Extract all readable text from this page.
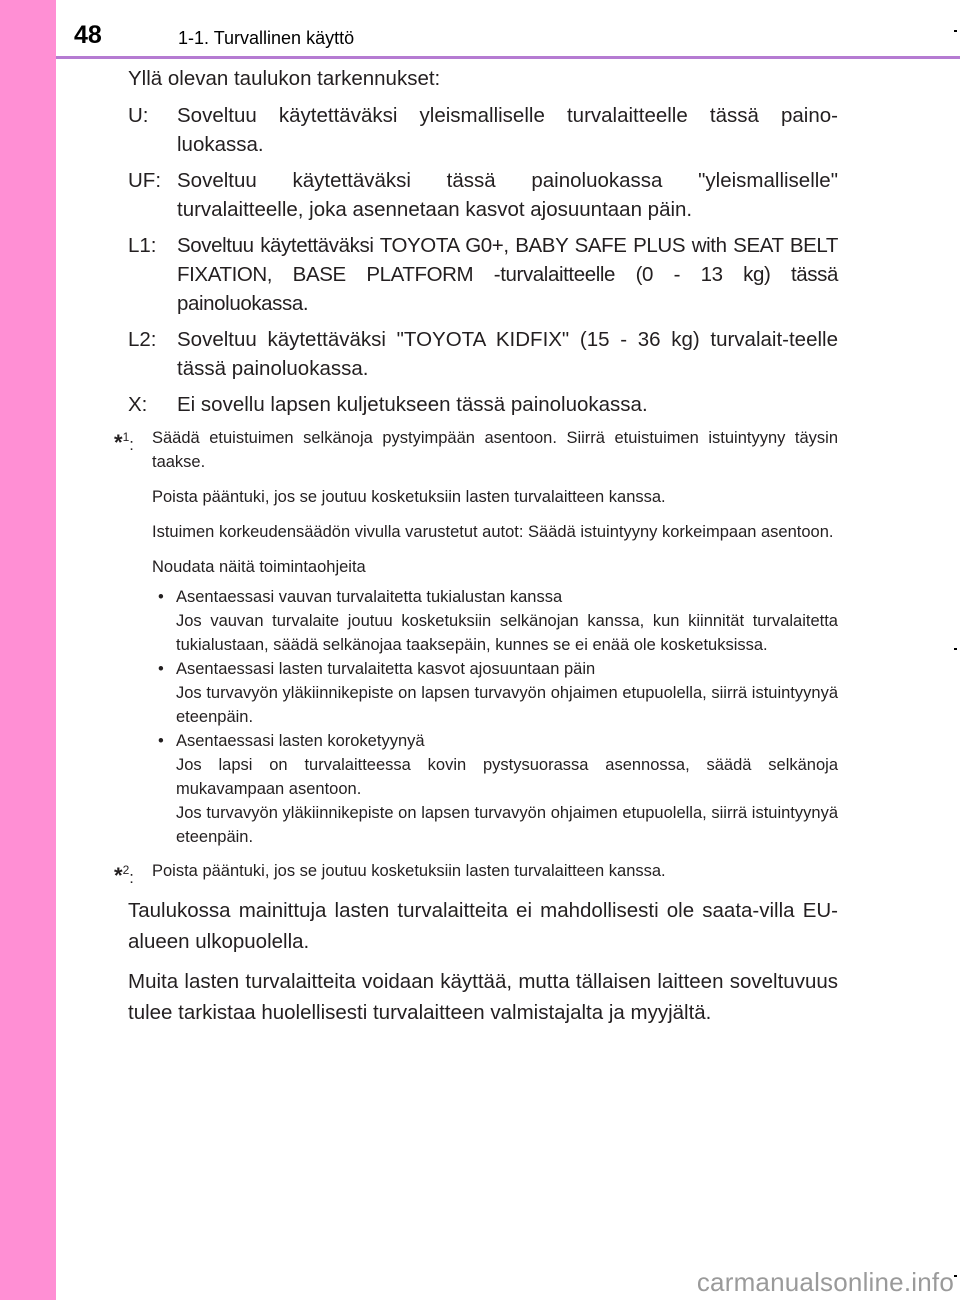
48	1-1. Turvallinen käyttö

Yllä olevan taulukon tarkennukset:

U:	Soveltuu käytettäväksi yleismalliselle turvalaitteelle tässä paino-luokassa.
UF: Soveltuu käytettäväksi tässä painoluokassa "yleismalliselle" turvalaitteelle, joka asennetaan kasvot ajosuuntaan päin.
L1:	Soveltuu käytettäväksi TOYOTA G0+, BABY SAFE PLUS with SEAT BELT FIXATION, BASE PLATFORM -turvalaitteelle (0 - 13 kg) tässä painoluokassa.
L2:	Soveltuu käytettäväksi "TOYOTA KIDFIX" (15 - 36 kg) turvalait-teelle tässä painoluokassa.
X:	Ei sovellu lapsen kuljetukseen tässä painoluokassa.
*$^1$: Säädä etuistuimen selkänoja pystyimpään asentoon. Siirrä etuistuimen istuintyyny täysin taakse.

Poista pääntuki, jos se joutuu kosketuksiin lasten turvalaitteen kanssa.

Istuimen korkeudensäädön vivulla varustetut autot: Säädä istuintyyny korkeimpaan asentoon.

Noudata näitä toimintaohjeita

• Asentaessasi vauvan turvalaitetta tukialustan kanssa
Jos vauvan turvalaite joutuu kosketuksiin selkänojan kanssa, kun kiinnität turvalaitetta tukialustaan, säädä selkänojaa taaksepäin, kunnes se ei enää ole kosketuksissa.
• Asentaessasi lasten turvalaitetta kasvot ajosuuntaan päin
Jos turvavyön yläkiinnikepiste on lapsen turvavyön ohjaimen etupuolella, siirrä istuintyynyä eteenpäin.
• Asentaessasi lasten koroketyynyä
Jos lapsi on turvalaitteessa kovin pystysuorassa asennossa, säädä selkänoja mukavampaan asentoon.
Jos turvavyön yläkiinnikepiste on lapsen turvavyön ohjaimen etupuolella, siirrä istuintyynyä eteenpäin.
*$^2$: Poista pääntuki, jos se joutuu kosketuksiin lasten turvalaitteen kanssa.

Taulukossa mainittuja lasten turvalaitteita ei mahdollisesti ole saata-villa EU-alueen ulkopuolella.

Muita lasten turvalaitteita voidaan käyttää, mutta tällaisen laitteen soveltuvuus tulee tarkistaa huolellisesti turvalaitteen valmistajalta ja myyjältä.

carmanualsonline.info
